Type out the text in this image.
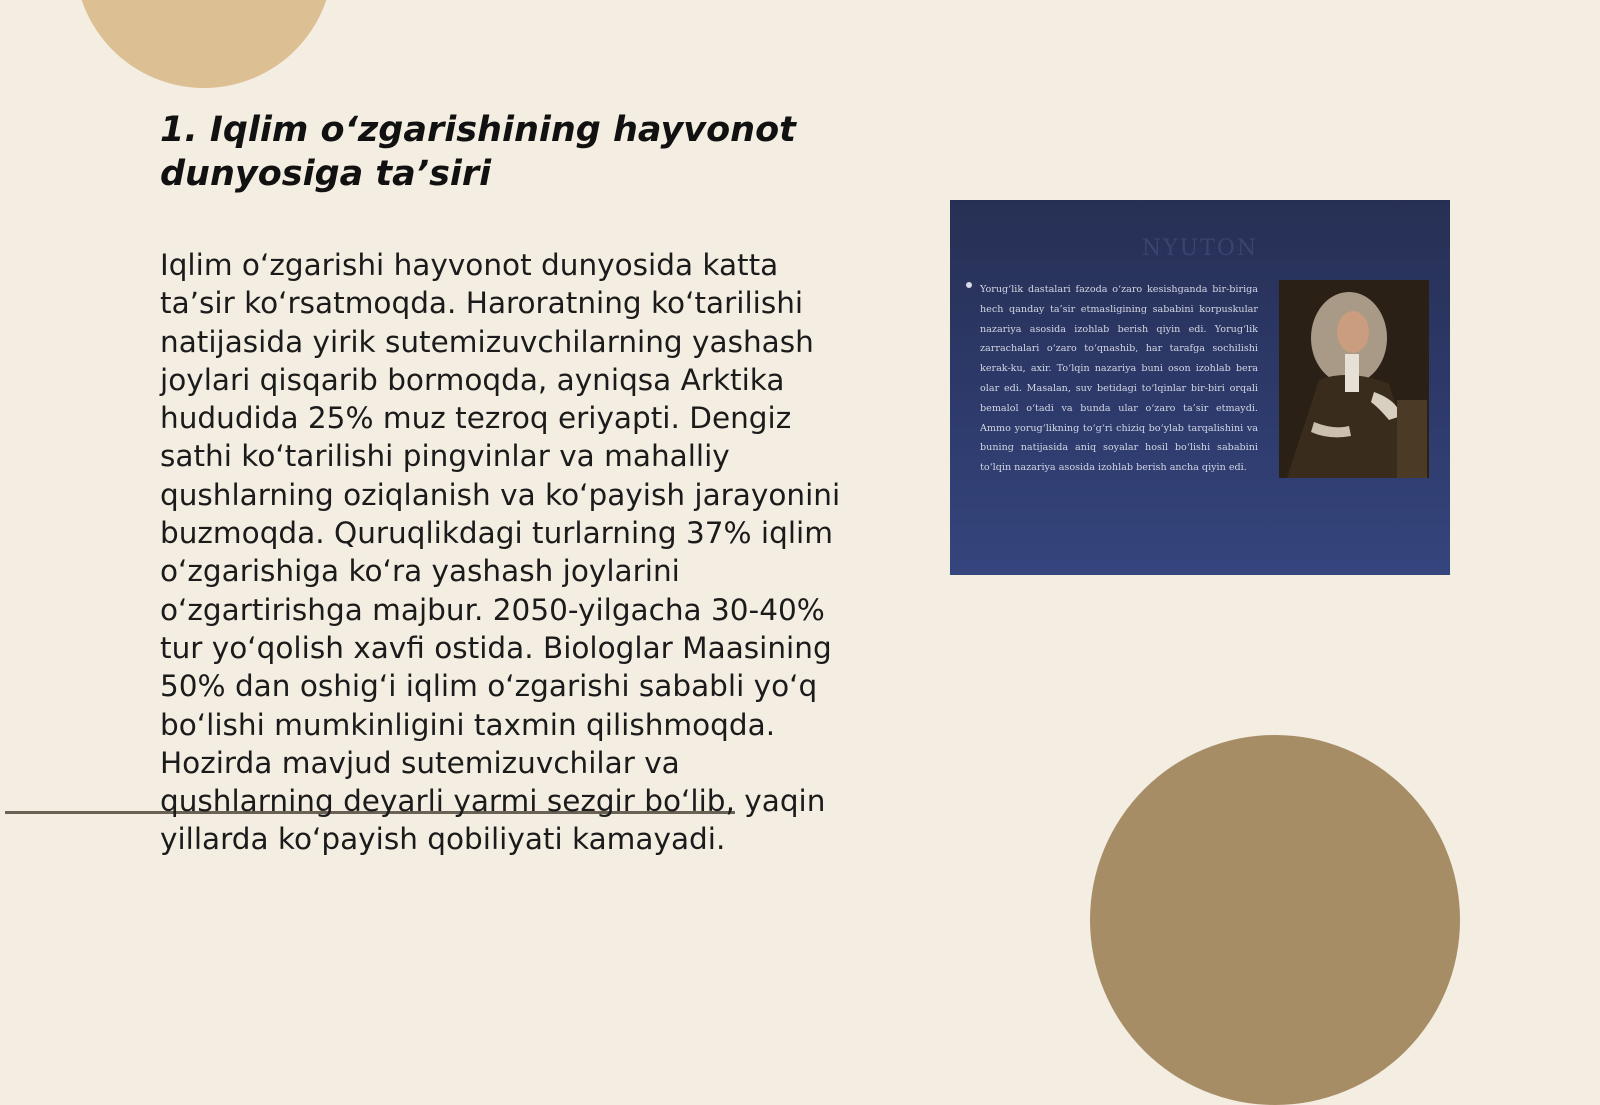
1. Iqlim o‘zgarishining hayvonot dunyosiga ta’siri

Iqlim o‘zgarishi hayvonot dunyosida katta ta’sir ko‘rsatmoqda. Haroratning ko‘tarilishi natijasida yirik sutemizuvchilarning yashash joylari qisqarib bormoqda, ayniqsa Arktika hududida 25% muz tezroq eriyapti. Dengiz sathi ko‘tarilishi pingvinlar va mahalliy qushlarning oziqlanish va ko‘payish jarayonini buzmoqda. Quruqlikdagi turlarning 37% iqlim o‘zgarishiga ko‘ra yashash joylarini o‘zgartirishga majbur. 2050-yilgacha 30-40% tur yo‘qolish xavfi ostida. Biologlar Maasining 50% dan oshig‘i iqlim o‘zgarishi sababli yo‘q bo‘lishi mumkinligini taxmin qilishmoqda. Hozirda mavjud sutemizuvchilar va qushlarning deyarli yarmi sezgir bo‘lib, yaqin yillarda ko‘payish qobiliyati kamayadi.

NYUTON

Yorug‘lik dastalari fazoda o‘zaro kesishganda bir-biriga hech qanday ta’sir etmasligining sababini korpuskular nazariya asosida izohlab berish qiyin edi. Yorug‘lik zarrachalari o‘zaro to‘qnashib, har tarafga sochilishi kerak-ku, axir. To‘lqin nazariya buni oson izohlab bera olar edi. Masalan, suv betidagi to‘lqinlar bir-biri orqali bemalol o‘tadi va bunda ular o‘zaro ta’sir etmaydi. Ammo yorug‘likning to‘g‘ri chiziq bo‘ylab tarqalishini va buning natijasida aniq soyalar hosil bo‘lishi sababini to‘lqin nazariya asosida izohlab berish ancha qiyin edi.
